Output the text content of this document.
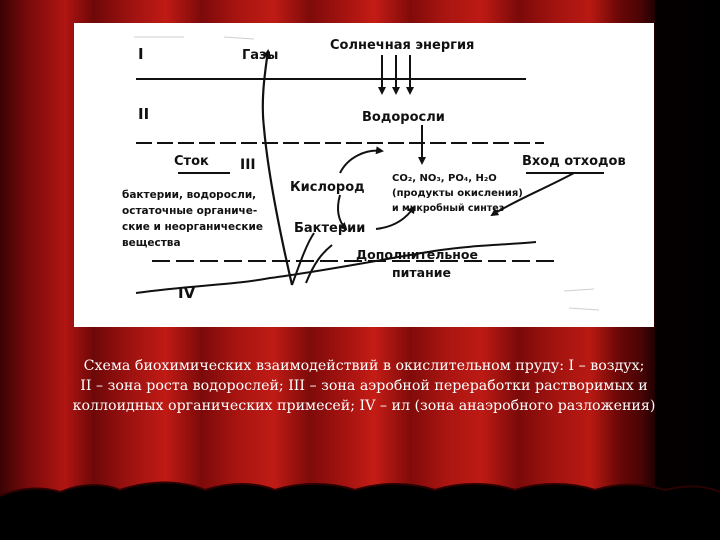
I
II
III
IV
Газы
Солнечная энергия
Водоросли
Сток	Вход отходов
Кислород
CO₂, NO₃, PO₄, H₂O
(продукты окисления)
и микробный синтез
Бактерии
бактерии, водоросли,
остаточные органиче-
ские и неорганические
вещества
Дополнительное
питание
Схема биохимических взаимодействий в окислительном пруду: I – воздух;
II – зона роста водорослей; III – зона аэробной переработки растворимых и
коллоидных органических примесей; IV – ил (зона анаэробного разложения)
